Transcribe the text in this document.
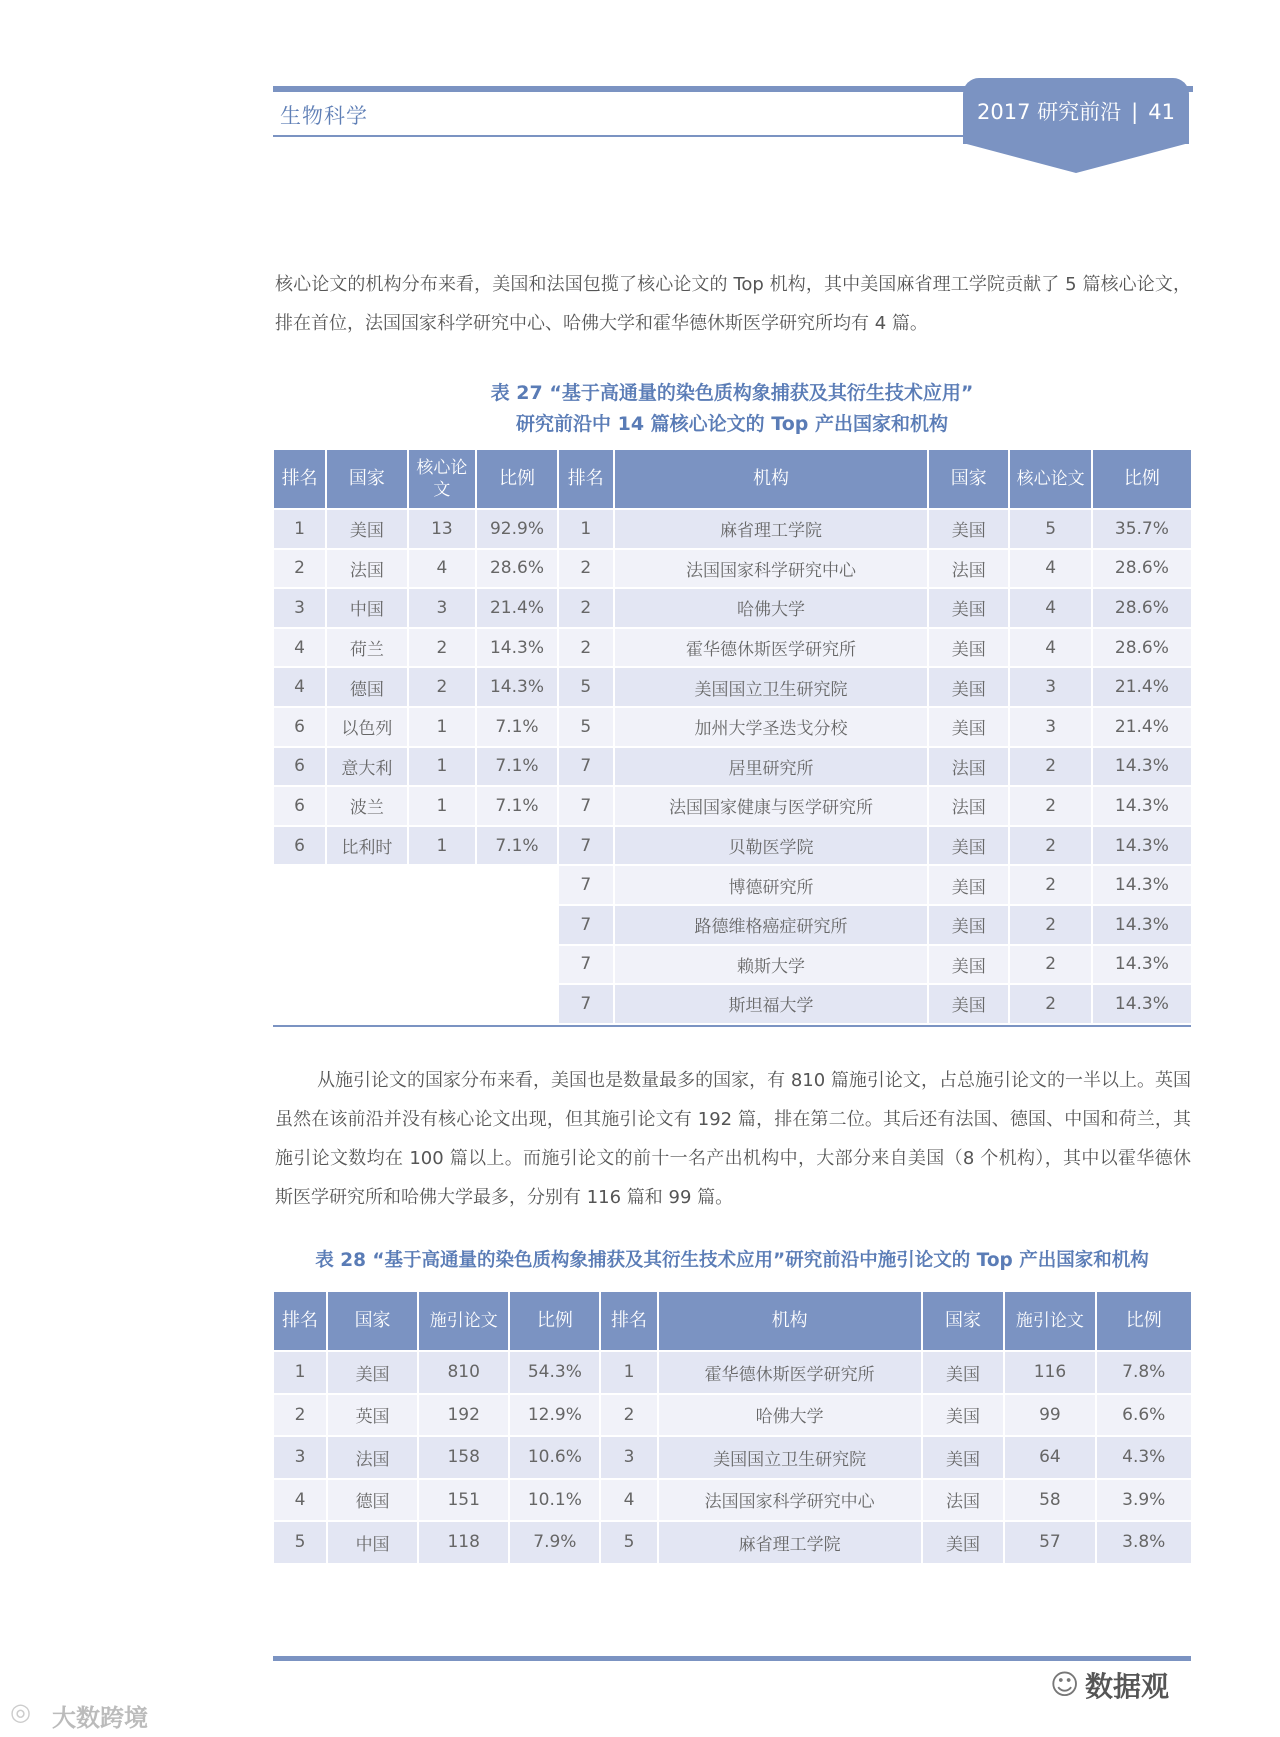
生物科学	2017 研究前沿 | 41
核心论文的机构分布来看，美国和法国包揽了核心论文的 Top 机构，其中美国麻省理工学院贡献了 5 篇核心论文，排在首位，法国国家科学研究中心、哈佛大学和霍华德休斯医学研究所均有 4 篇。
表 27 “基于高通量的染色质构象捕获及其衍生技术应用”
研究前沿中 14 篇核心论文的 Top 产出国家和机构
排名	国家	核心论文	比例	排名	机构	国家	核心论文	比例
1	美国	13	92.9%	1	麻省理工学院	美国	5	35.7%
2	法国	4	28.6%	2	法国国家科学研究中心	法国	4	28.6%
3	中国	3	21.4%	2	哈佛大学	美国	4	28.6%
4	荷兰	2	14.3%	2	霍华德休斯医学研究所	美国	4	28.6%
4	德国	2	14.3%	5	美国国立卫生研究院	美国	3	21.4%
6	以色列	1	7.1%	5	加州大学圣迭戈分校	美国	3	21.4%
6	意大利	1	7.1%	7	居里研究所	法国	2	14.3%
6	波兰	1	7.1%	7	法国国家健康与医学研究所	法国	2	14.3%
6	比利时	1	7.1%	7	贝勒医学院	美国	2	14.3%
				7	博德研究所	美国	2	14.3%
				7	路德维格癌症研究所	美国	2	14.3%
				7	赖斯大学	美国	2	14.3%
				7	斯坦福大学	美国	2	14.3%
从施引论文的国家分布来看，美国也是数量最多的国家，有 810 篇施引论文，占总施引论文的一半以上。英国虽然在该前沿并没有核心论文出现，但其施引论文有 192 篇，排在第二位。其后还有法国、德国、中国和荷兰，其施引论文数均在 100 篇以上。而施引论文的前十一名产出机构中，大部分来自美国（8 个机构），其中以霍华德休斯医学研究所和哈佛大学最多，分别有 116 篇和 99 篇。
表 28 “基于高通量的染色质构象捕获及其衍生技术应用”研究前沿中施引论文的 Top 产出国家和机构
排名	国家	施引论文	比例	排名	机构	国家	施引论文	比例
1	美国	810	54.3%	1	霍华德休斯医学研究所	美国	116	7.8%
2	英国	192	12.9%	2	哈佛大学	美国	99	6.6%
3	法国	158	10.6%	3	美国国立卫生研究院	美国	64	4.3%
4	德国	151	10.1%	4	法国国家科学研究中心	法国	58	3.9%
5	中国	118	7.9%	5	麻省理工学院	美国	57	3.8%
☺ 数据观
◎ 大数跨境
